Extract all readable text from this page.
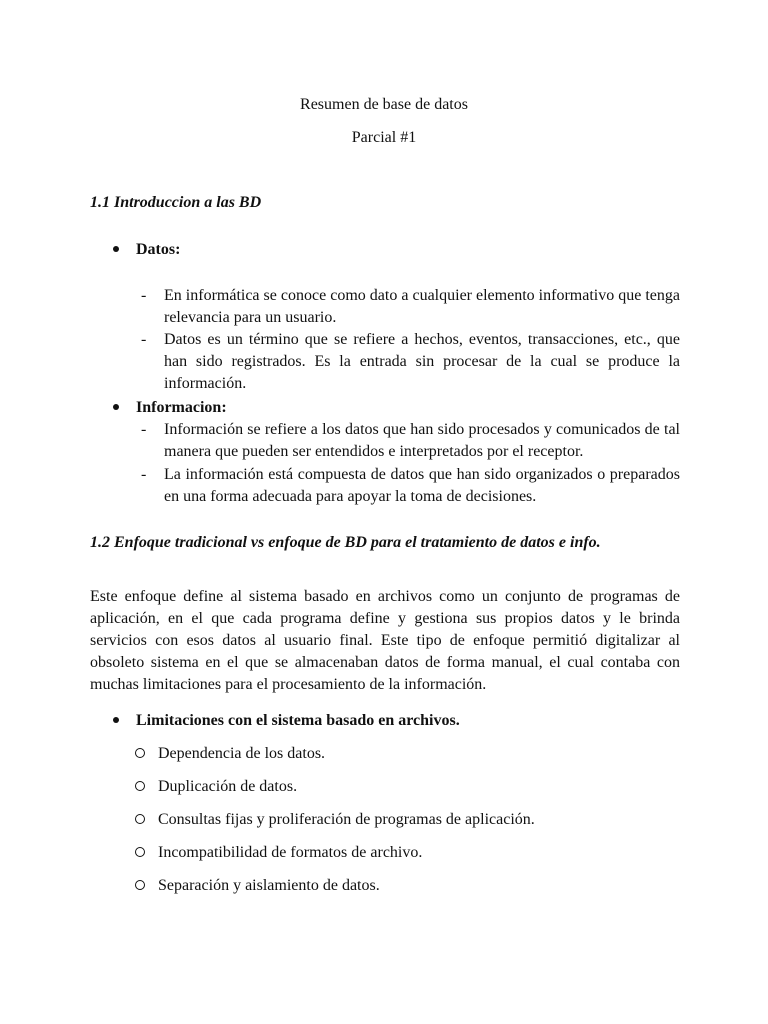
Resumen de base de datos
Parcial #1
1.1 Introduccion a las BD
Datos:
- En informática se conoce como dato a cualquier elemento informativo que tenga relevancia para un usuario.
- Datos es un término que se refiere a hechos, eventos, transacciones, etc., que han sido registrados. Es la entrada sin procesar de la cual se produce la información.
Informacion:
- Información se refiere a los datos que han sido procesados y comunicados de tal manera que pueden ser entendidos e interpretados por el receptor.
- La información está compuesta de datos que han sido organizados o preparados en una forma adecuada para apoyar la toma de decisiones.
1.2 Enfoque tradicional vs enfoque de BD para el tratamiento de datos e info.
Este enfoque define al sistema basado en archivos como un conjunto de programas de aplicación, en el que cada programa define y gestiona sus propios datos y le brinda servicios con esos datos al usuario final. Este tipo de enfoque permitió digitalizar al obsoleto sistema en el que se almacenaban datos de forma manual, el cual contaba con muchas limitaciones para el procesamiento de la información.
Limitaciones con el sistema basado en archivos.
Dependencia de los datos.
Duplicación de datos.
Consultas fijas y proliferación de programas de aplicación.
Incompatibilidad de formatos de archivo.
Separación y aislamiento de datos.
